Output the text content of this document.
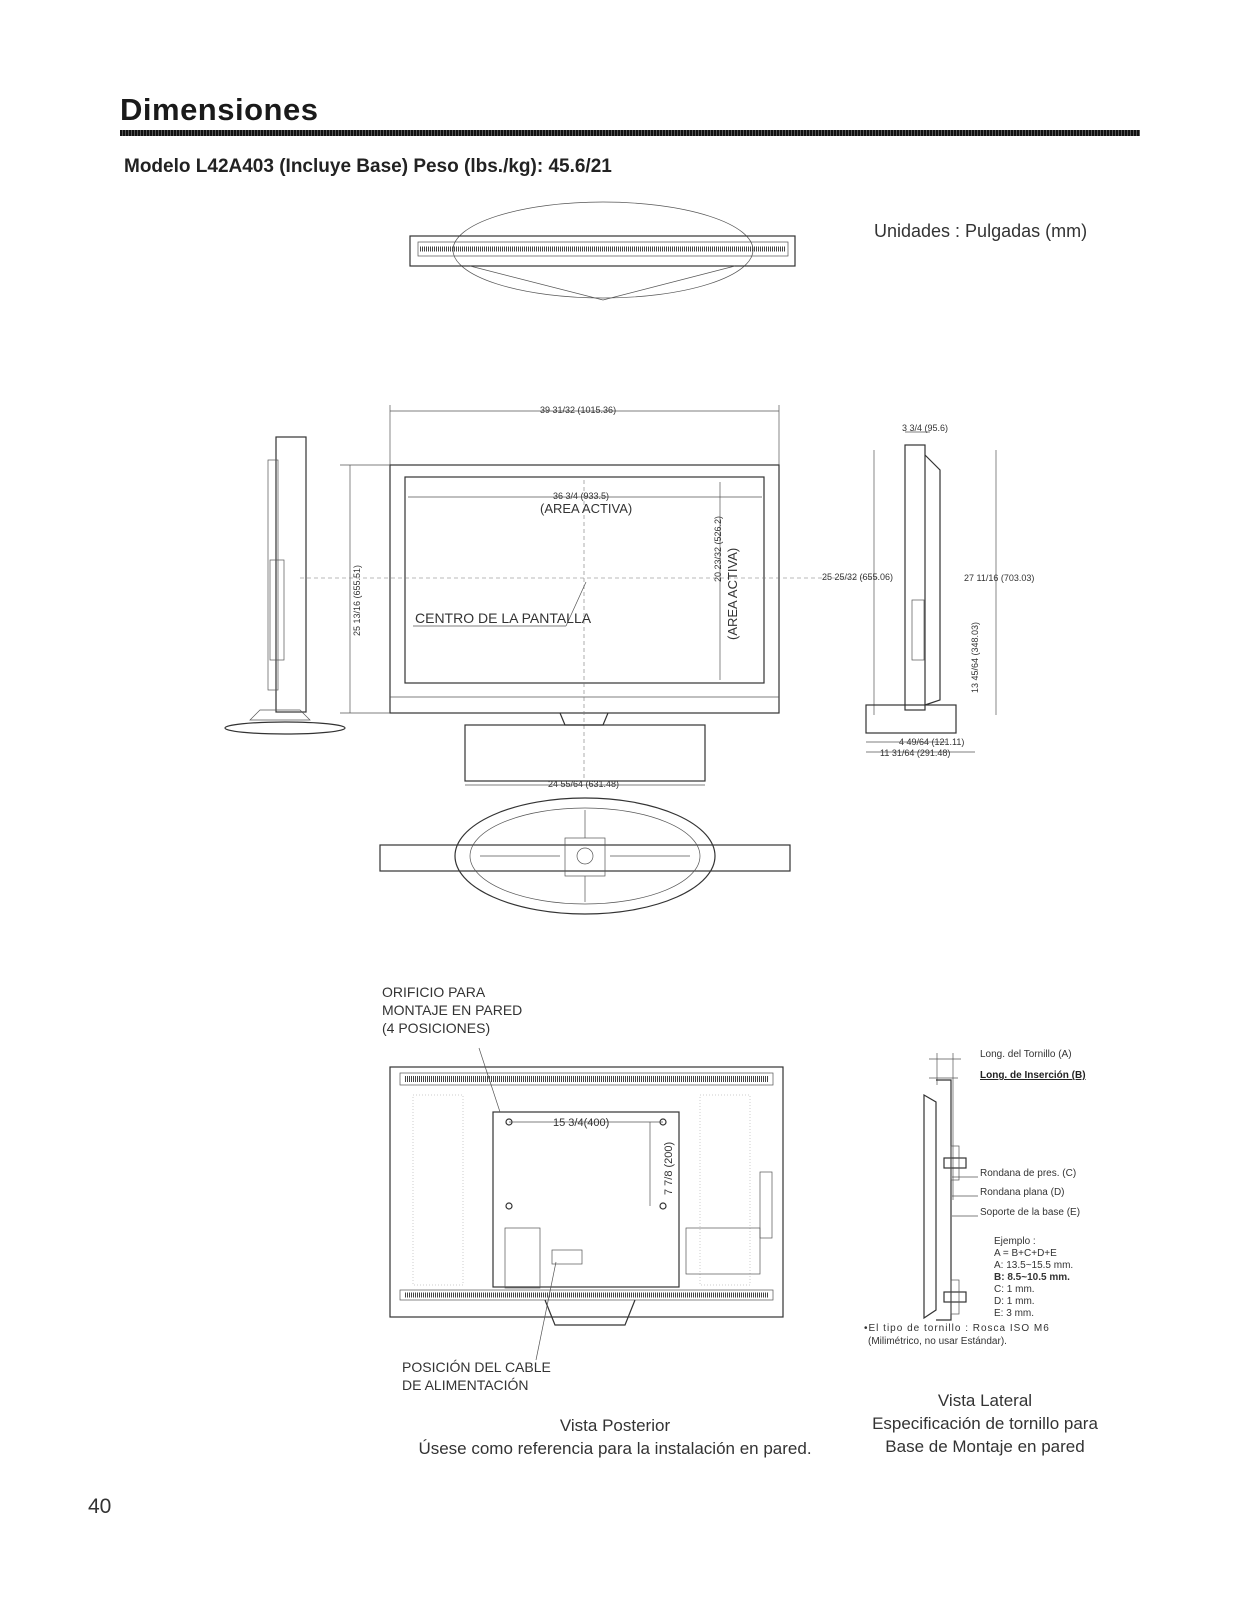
Dimensiones
Modelo L42A403 (Incluye Base) Peso (lbs./kg): 45.6/21
Unidades : Pulgadas (mm)
39 31/32 (1015.36)
36 3/4 (933.5)
(AREA ACTIVA)
CENTRO DE LA PANTALLA
20 23/32 (526.2) (AREA ACTIVA)
25 13/16 (655.51)
24 55/64 (631.48)
3 3/4 (95.6)
25 25/32 (655.06)	27 11/16 (703.03)
13 45/64 (348.03)
4 49/64 (121.11)
11 31/64 (291.48)
ORIFICIO PARA
MONTAJE EN PARED
(4 POSICIONES)
15 3/4(400)
7 7/8 (200)
POSICIÓN DEL CABLE
DE ALIMENTACIÓN
Vista Posterior
Úsese como referencia para la instalación en pared.
Long. del Tornillo (A)
Long. de Inserción (B)
Rondana de pres. (C)
Rondana plana (D)
Soporte de la base (E)
Ejemplo :
A = B+C+D+E
A: 13.5~15.5 mm.
B: 8.5~10.5 mm.
C: 1 mm.
D: 1 mm.
E: 3 mm.
•El tipo de tornillo : Rosca ISO M6
(Milimétrico, no usar Estándar).
Vista Lateral
Especificación de tornillo para
Base de Montaje en pared
40
